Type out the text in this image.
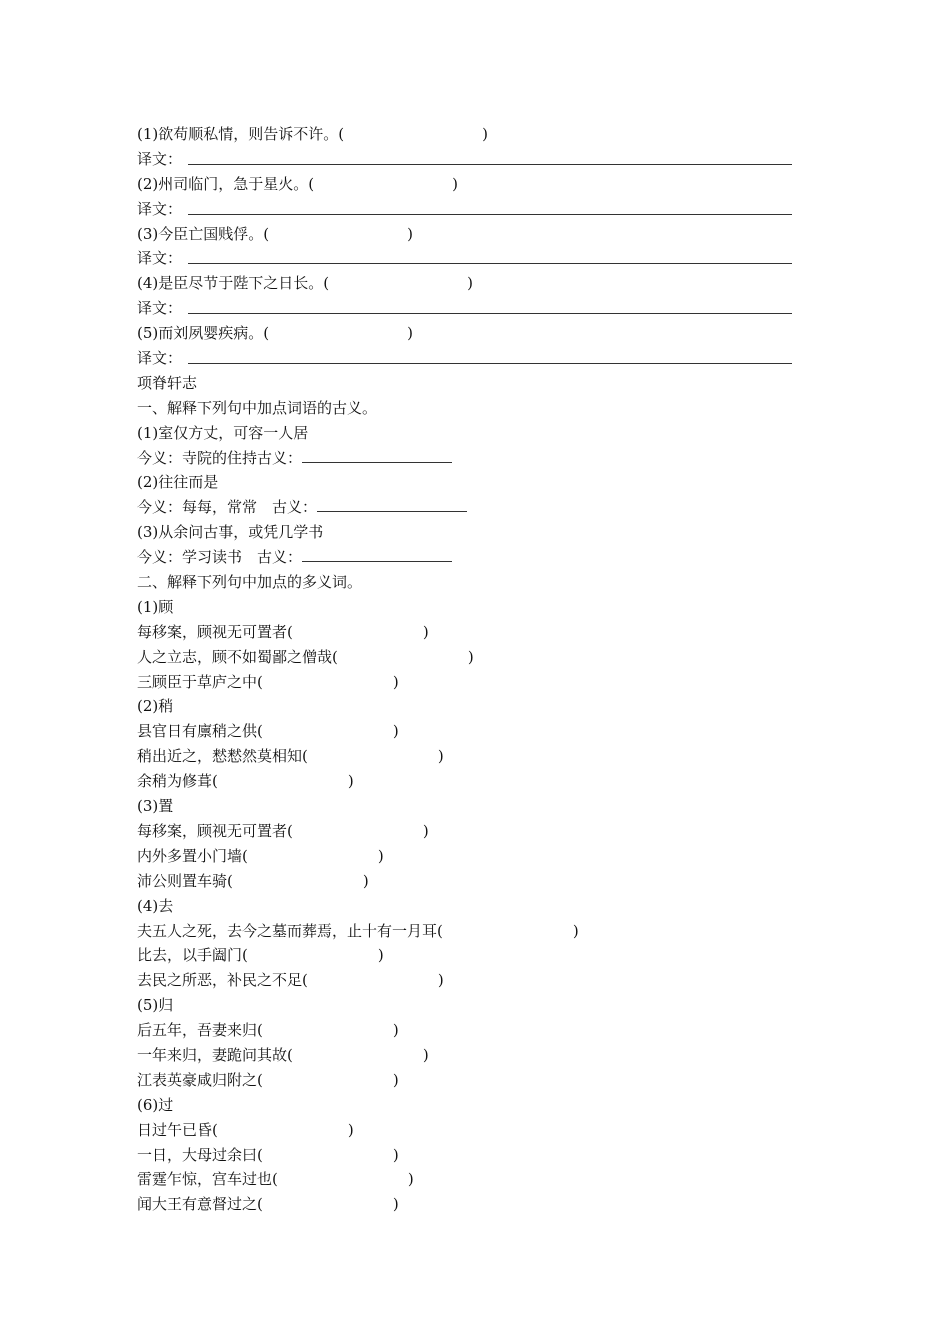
(1)欲苟顺私情，则告诉不许。(	)
译文：
(2)州司临门，急于星火。(	)
译文：
(3)今臣亡国贱俘。(	)
译文：
(4)是臣尽节于陛下之日长。(	)
译文：
(5)而刘夙婴疾病。(	)
译文：
项脊轩志
一、解释下列句中加点词语的古义。
(1)室仅方丈，可容一人居
今义：寺院的住持古义：
(2)往往而是
今义：每每，常常　古义：
(3)从余问古事，或凭几学书
今义：学习读书　古义：
二、解释下列句中加点的多义词。
(1)顾
每移案，顾视无可置者(	)
人之立志，顾不如蜀鄙之僧哉(	)
三顾臣于草庐之中(	)
(2)稍
县官日有廪稍之供(	)
稍出近之，慭慭然莫相知(	)
余稍为修葺(	)
(3)置
每移案，顾视无可置者(	)
内外多置小门墙(	)
沛公则置车骑(	)
(4)去
夫五人之死，去今之墓而葬焉，止十有一月耳(	)
比去，以手阖门(	)
去民之所恶，补民之不足(	)
(5)归
后五年，吾妻来归(	)
一年来归，妻跪问其故(	)
江表英豪咸归附之(	)
(6)过
日过午已昏(	)
一日，大母过余曰(	)
雷霆乍惊，宫车过也(	)
闻大王有意督过之(	)
